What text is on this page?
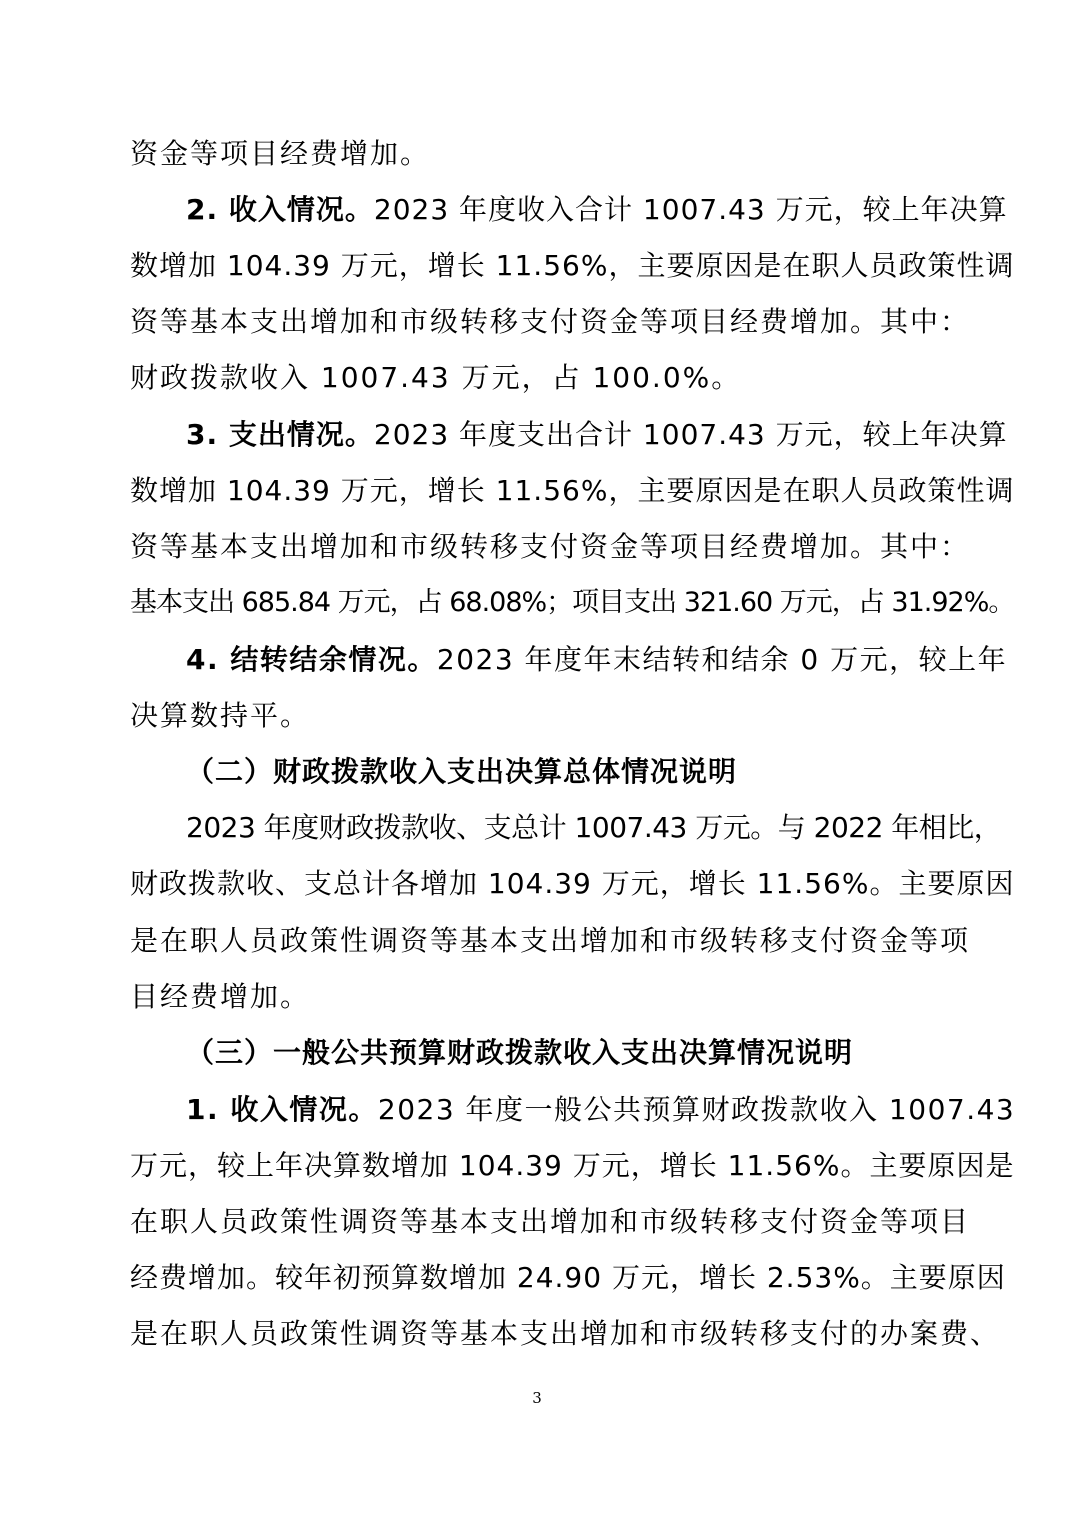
资金等项目经费增加。
2. 收入情况。2023 年度收入合计 1007.43 万元，较上年决算
数增加 104.39 万元，增长 11.56%，主要原因是在职人员政策性调
资等基本支出增加和市级转移支付资金等项目经费增加。其中：
财政拨款收入 1007.43 万元，占 100.0%。
3. 支出情况。2023 年度支出合计 1007.43 万元，较上年决算
数增加 104.39 万元，增长 11.56%，主要原因是在职人员政策性调
资等基本支出增加和市级转移支付资金等项目经费增加。其中：
基本支出 685.84 万元，占 68.08%；项目支出 321.60 万元，占 31.92%。
4. 结转结余情况。2023 年度年末结转和结余 0 万元，较上年
决算数持平。
（二）财政拨款收入支出决算总体情况说明
2023 年度财政拨款收、支总计 1007.43 万元。与 2022 年相比，
财政拨款收、支总计各增加 104.39 万元，增长 11.56%。主要原因
是在职人员政策性调资等基本支出增加和市级转移支付资金等项
目经费增加。
（三）一般公共预算财政拨款收入支出决算情况说明
1. 收入情况。2023 年度一般公共预算财政拨款收入 1007.43
万元，较上年决算数增加 104.39 万元，增长 11.56%。主要原因是
在职人员政策性调资等基本支出增加和市级转移支付资金等项目
经费增加。较年初预算数增加 24.90 万元，增长 2.53%。主要原因
是在职人员政策性调资等基本支出增加和市级转移支付的办案费、
3
